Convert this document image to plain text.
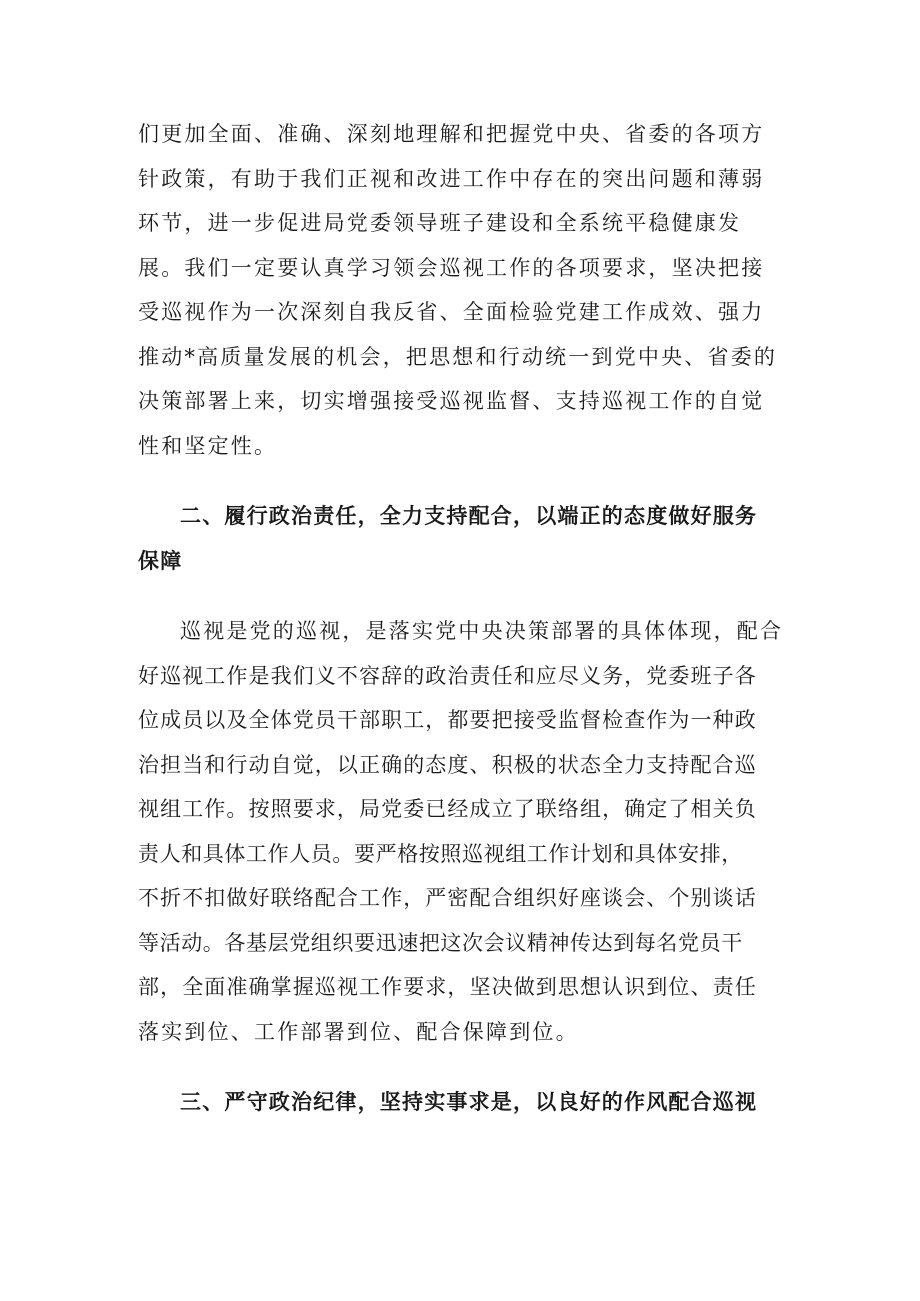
们更加全面、准确、深刻地理解和把握党中央、省委的各项方
针政策，有助于我们正视和改进工作中存在的突出问题和薄弱
环节，进一步促进局党委领导班子建设和全系统平稳健康发
展。我们一定要认真学习领会巡视工作的各项要求，坚决把接
受巡视作为一次深刻自我反省、全面检验党建工作成效、强力
推动*高质量发展的机会，把思想和行动统一到党中央、省委的
决策部署上来，切实增强接受巡视监督、支持巡视工作的自觉
性和坚定性。
二、履行政治责任，全力支持配合，以端正的态度做好服务
保障
巡视是党的巡视，是落实党中央决策部署的具体体现，配合
好巡视工作是我们义不容辞的政治责任和应尽义务，党委班子各
位成员以及全体党员干部职工，都要把接受监督检查作为一种政
治担当和行动自觉，以正确的态度、积极的状态全力支持配合巡
视组工作。按照要求，局党委已经成立了联络组，确定了相关负
责人和具体工作人员。要严格按照巡视组工作计划和具体安排，
不折不扣做好联络配合工作，严密配合组织好座谈会、个别谈话
等活动。各基层党组织要迅速把这次会议精神传达到每名党员干
部，全面准确掌握巡视工作要求，坚决做到思想认识到位、责任
落实到位、工作部署到位、配合保障到位。
三、严守政治纪律，坚持实事求是，以良好的作风配合巡视
